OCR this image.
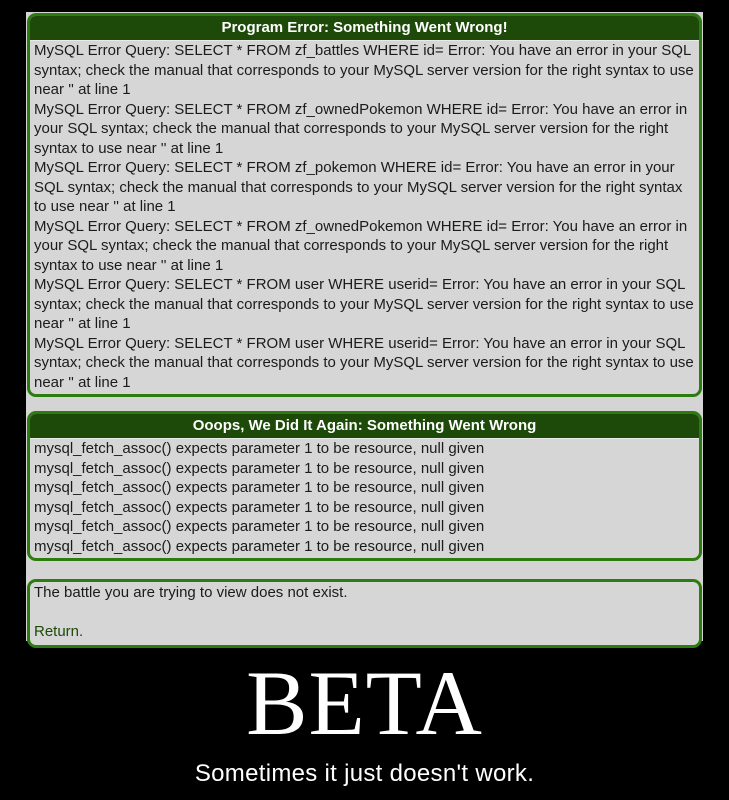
Program Error: Something Went Wrong!
MySQL Error Query: SELECT * FROM zf_battles WHERE id= Error: You have an error in your SQL syntax; check the manual that corresponds to your MySQL server version for the right syntax to use near '' at line 1
MySQL Error Query: SELECT * FROM zf_ownedPokemon WHERE id= Error: You have an error in your SQL syntax; check the manual that corresponds to your MySQL server version for the right syntax to use near '' at line 1
MySQL Error Query: SELECT * FROM zf_pokemon WHERE id= Error: You have an error in your SQL syntax; check the manual that corresponds to your MySQL server version for the right syntax to use near '' at line 1
MySQL Error Query: SELECT * FROM zf_ownedPokemon WHERE id= Error: You have an error in your SQL syntax; check the manual that corresponds to your MySQL server version for the right syntax to use near '' at line 1
MySQL Error Query: SELECT * FROM user WHERE userid= Error: You have an error in your SQL syntax; check the manual that corresponds to your MySQL server version for the right syntax to use near '' at line 1
MySQL Error Query: SELECT * FROM user WHERE userid= Error: You have an error in your SQL syntax; check the manual that corresponds to your MySQL server version for the right syntax to use near '' at line 1
Ooops, We Did It Again: Something Went Wrong
mysql_fetch_assoc() expects parameter 1 to be resource, null given
mysql_fetch_assoc() expects parameter 1 to be resource, null given
mysql_fetch_assoc() expects parameter 1 to be resource, null given
mysql_fetch_assoc() expects parameter 1 to be resource, null given
mysql_fetch_assoc() expects parameter 1 to be resource, null given
mysql_fetch_assoc() expects parameter 1 to be resource, null given
The battle you are trying to view does not exist.
Return.
BETA
Sometimes it just doesn't work.
